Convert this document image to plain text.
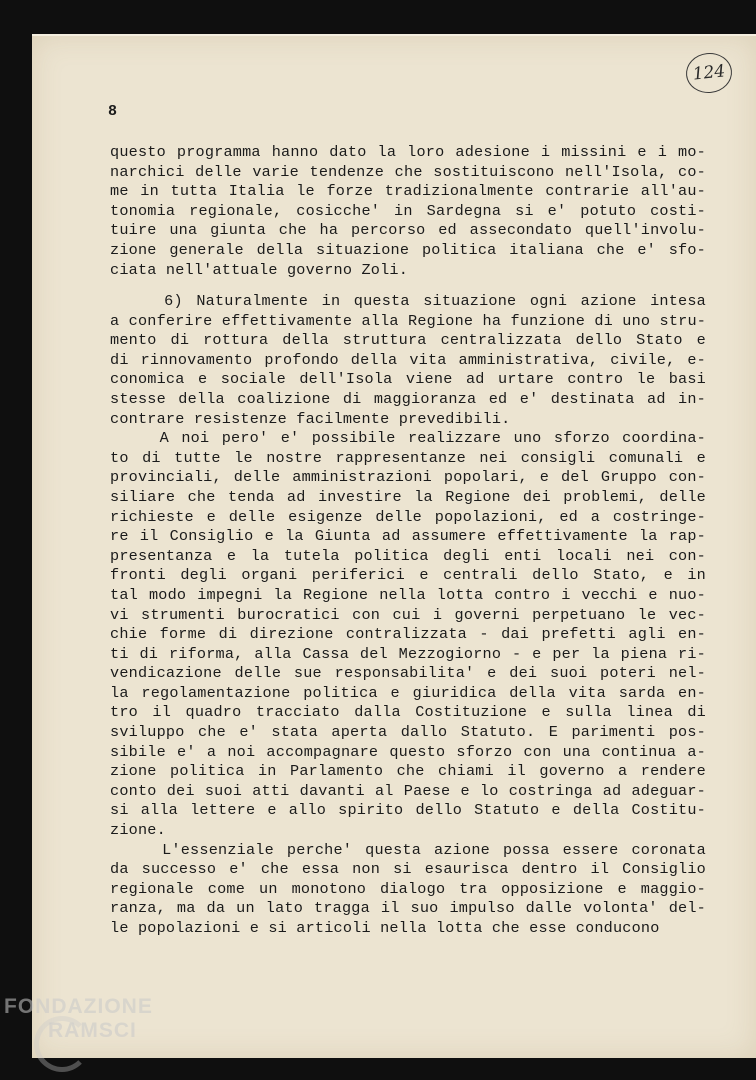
8
124
questo programma hanno dato la loro adesione i missini e i mo-
narchici delle varie tendenze che sostituiscono nell'Isola, co-
me in tutta Italia le forze tradizionalmente contrarie all'au-
tonomia regionale, cosicche' in Sardegna si e' potuto costi-
tuire una giunta che ha percorso ed assecondato quell'involu-
zione generale della situazione politica italiana che e' sfo-
ciata nell'attuale governo Zoli.
6) Naturalmente in questa situazione ogni azione intesa
a conferire effettivamente alla Regione ha funzione di uno stru-
mento di rottura della struttura centralizzata dello Stato e
di rinnovamento profondo della vita amministrativa, civile, e-
conomica e sociale dell'Isola viene ad urtare contro le basi
stesse della coalizione di maggioranza ed e' destinata ad in-
contrare resistenze facilmente prevedibili.
A noi pero' e' possibile realizzare uno sforzo coordina-
to di tutte le nostre rappresentanze nei consigli comunali e
provinciali, delle amministrazioni popolari, e del Gruppo con-
siliare che tenda ad investire la Regione dei problemi, delle
richieste e delle esigenze delle popolazioni, ed a costringe-
re il Consiglio e la Giunta ad assumere effettivamente la rap-
presentanza e la tutela politica degli enti locali nei con-
fronti degli organi periferici e centrali dello Stato, e in
tal modo impegni la Regione nella lotta contro i vecchi e nuo-
vi strumenti burocratici con cui i governi perpetuano le vec-
chie forme di direzione contralizzata - dai prefetti agli en-
ti di riforma, alla Cassa del Mezzogiorno - e per la piena ri-
vendicazione delle sue responsabilita' e dei suoi poteri nel-
la regolamentazione politica e giuridica della vita sarda en-
tro il quadro tracciato dalla Costituzione e sulla linea di
sviluppo che e' stata aperta dallo Statuto. E parimenti pos-
sibile e' a noi accompagnare questo sforzo con una continua a-
zione politica in Parlamento che chiami il governo a rendere
conto dei suoi atti davanti al Paese e lo costringa ad adeguar-
si alla lettere e allo spirito dello Statuto e della Costitu-
zione.
L'essenziale perche' questa azione possa essere coronata
da successo e' che essa non si esaurisca dentro il Consiglio
regionale come un monotono dialogo tra opposizione e maggio-
ranza, ma da un lato tragga il suo impulso dalle volonta' del-
le popolazioni e si articoli nella lotta che esse conducono
FONDAZIONE
RAMSCI
